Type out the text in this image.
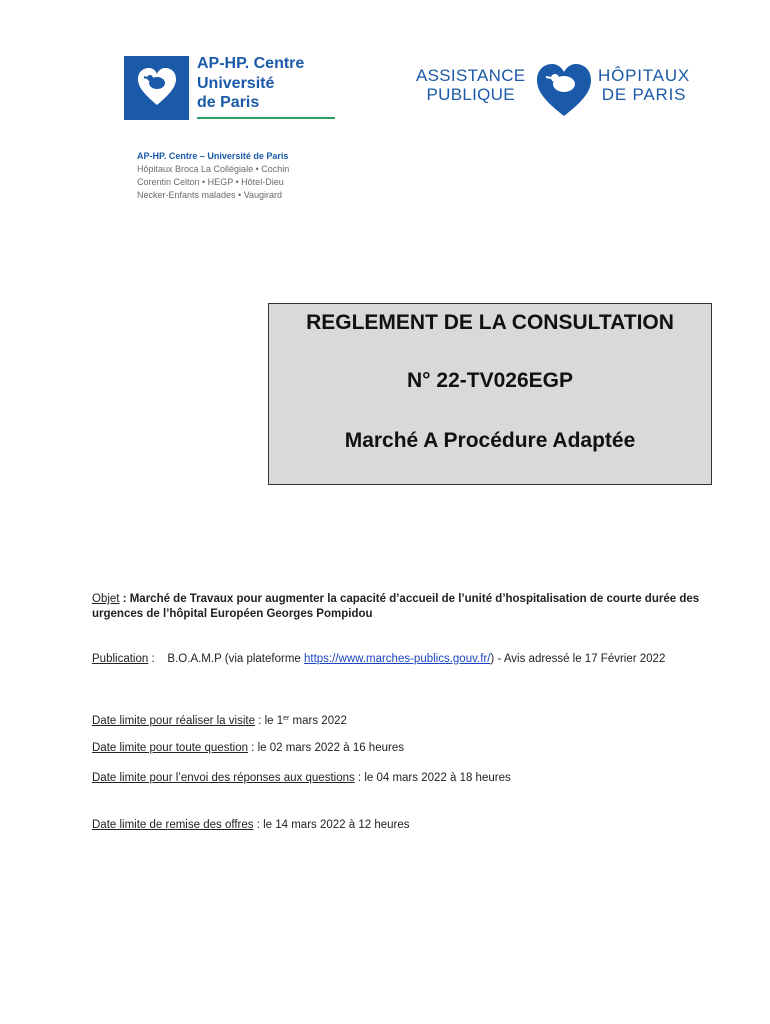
AP-HP. Centre
Université
de Paris
ASSISTANCE
PUBLIQUE
HÔPITAUX
DE PARIS
AP-HP. Centre – Université de Paris
Hôpitaux Broca La Collégiale • Cochin
Corentin Celton • HEGP • Hôtel-Dieu
Necker-Enfants malades • Vaugirard
REGLEMENT DE LA CONSULTATION
N° 22-TV026EGP
Marché A Procédure Adaptée
Objet : Marché de Travaux pour augmenter la capacité d’accueil de l’unité d’hospitalisation de courte durée des urgences de l’hôpital Européen Georges Pompidou
Publication :    B.O.A.M.P (via plateforme https://www.marches-publics.gouv.fr/) - Avis adressé le 17 Février 2022
Date limite pour réaliser la visite : le 1er mars 2022
Date limite pour toute question : le 02 mars 2022 à 16 heures
Date limite pour l’envoi des réponses aux questions : le 04 mars 2022 à 18 heures
Date limite de remise des offres : le 14 mars 2022 à 12 heures
